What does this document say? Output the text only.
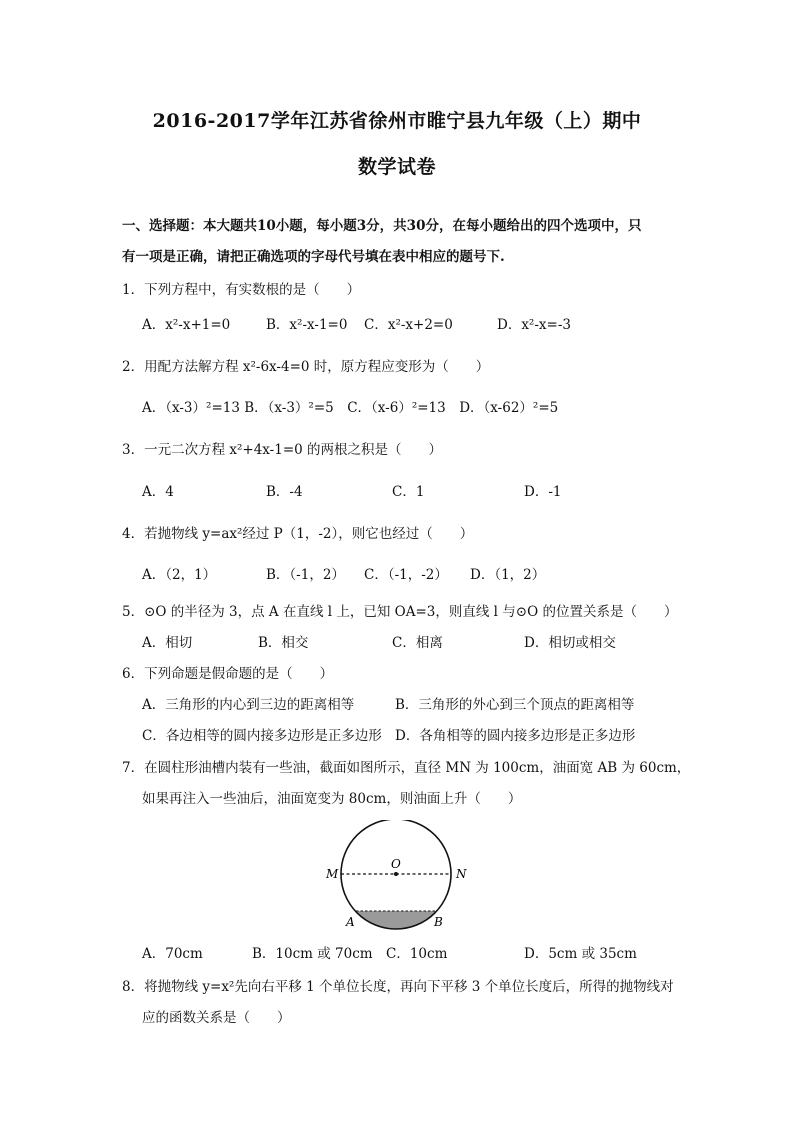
2016-2017学年江苏省徐州市睢宁县九年级（上）期中
数学试卷
一、选择题：本大题共10小题，每小题3分，共30分，在每小题给出的四个选项中，只
有一项是正确，请把正确选项的字母代号填在表中相应的题号下.
1．下列方程中，有实数根的是（　　）
A．x²-x+1=0	B．x²-x-1=0 C．x²-x+2=0	D．x²-x=-3
2．用配方法解方程 x²-6x-4=0 时，原方程应变形为（　　）
A．（x-3）²=13 B．（x-3）²=5　C．（x-6）²=13　D．（x-62）²=5
3．一元二次方程 x²+4x-1=0 的两根之积是（　　）
A．4	B．-4	C．1	D．-1
4．若抛物线 y=ax²经过 P（1，-2），则它也经过（　　）
A．（2，1）	B．（-1，2） C．（-1，-2） D．（1，2）
5．⊙O 的半径为 3，点 A 在直线 l 上，已知 OA=3，则直线 l 与⊙O 的位置关系是（　　）
A．相切	B．相交	C．相离	D．相切或相交
6．下列命题是假命题的是（　　）
A．三角形的内心到三边的距离相等	B．三角形的外心到三个顶点的距离相等
C．各边相等的圆内接多边形是正多边形 D．各角相等的圆内接多边形是正多边形
7．在圆柱形油槽内装有一些油，截面如图所示，直径 MN 为 100cm，油面宽 AB 为 60cm，
如果再注入一些油后，油面宽变为 80cm，则油面上升（　　）
O
M	N
A	B
A．70cm	B．10cm 或 70cm C．10cm	D．5cm 或 35cm
8．将抛物线 y=x²先向右平移 1 个单位长度，再向下平移 3 个单位长度后，所得的抛物线对
应的函数关系是（　　）
